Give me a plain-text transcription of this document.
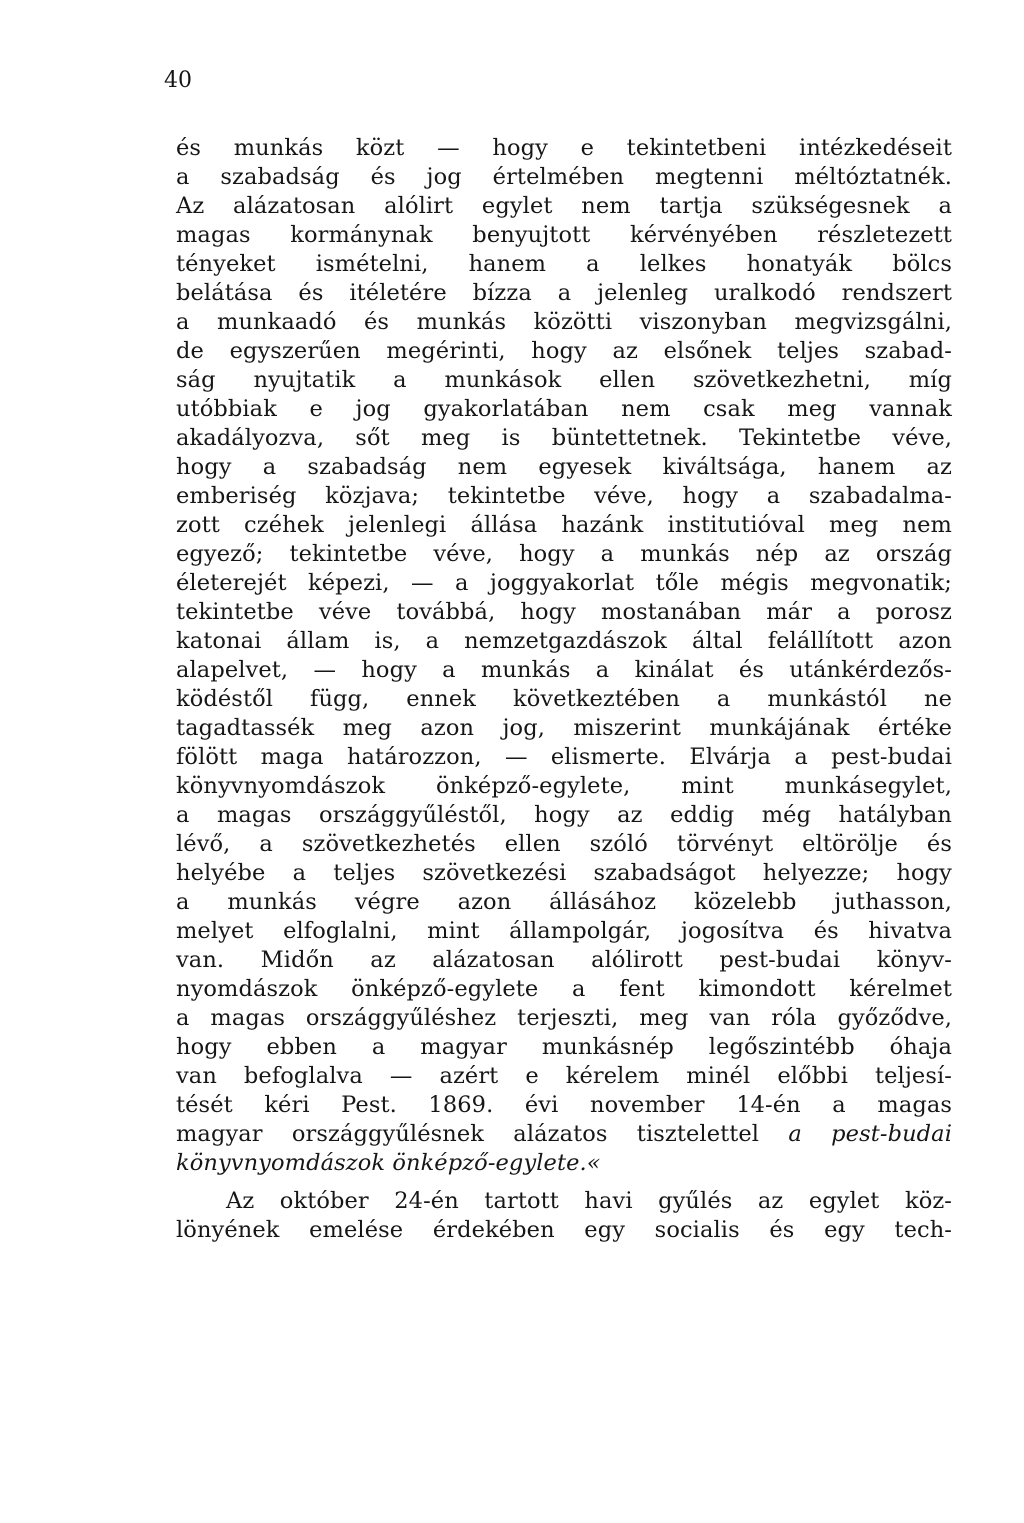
40
és munkás közt — hogy e tekintetbeni intézkedéseit
a szabadság és jog értelmében megtenni méltóztatnék.
Az alázatosan alólirt egylet nem tartja szükségesnek a
magas kormánynak benyujtott kérvényében részletezett
tényeket ismételni, hanem a lelkes honatyák bölcs
belátása és itéletére bízza a jelenleg uralkodó rendszert
a munkaadó és munkás közötti viszonyban megvizsgálni,
de egyszerűen megérinti, hogy az elsőnek teljes szabad-
ság nyujtatik a munkások ellen szövetkezhetni, míg
utóbbiak e jog gyakorlatában nem csak meg vannak
akadályozva, sőt meg is büntettetnek. Tekintetbe véve,
hogy a szabadság nem egyesek kiváltsága, hanem az
emberiség közjava; tekintetbe véve, hogy a szabadalma-
zott czéhek jelenlegi állása hazánk institutióval meg nem
egyező; tekintetbe véve, hogy a munkás nép az ország
életerejét képezi, — a joggyakorlat tőle mégis megvonatik;
tekintetbe véve továbbá, hogy mostanában már a porosz
katonai állam is, a nemzetgazdászok által felállított azon
alapelvet, — hogy a munkás a kinálat és utánkérdezős-
ködéstől függ, ennek következtében a munkástól ne
tagadtassék meg azon jog, miszerint munkájának értéke
fölött maga határozzon, — elismerte. Elvárja a pest-budai
könyvnyomdászok önképző-egylete, mint munkásegylet,
a magas országgyűléstől, hogy az eddig még hatályban
lévő, a szövetkezhetés ellen szóló törvényt eltörölje és
helyébe a teljes szövetkezési szabadságot helyezze; hogy
a munkás végre azon állásához közelebb juthasson,
melyet elfoglalni, mint állampolgár, jogosítva és hivatva
van. Midőn az alázatosan alólirott pest-budai könyv-
nyomdászok önképző-egylete a fent kimondott kérelmet
a magas országgyűléshez terjeszti, meg van róla győződve,
hogy ebben a magyar munkásnép legőszintébb óhaja
van befoglalva — azért e kérelem minél előbbi teljesí-
tését kéri Pest. 1869. évi november 14-én a magas
magyar országgyűlésnek alázatos tisztelettel a pest-budai
könyvnyomdászok önképző-egylete.«
Az október 24-én tartott havi gyűlés az egylet köz-
lönyének emelése érdekében egy socialis és egy tech-
